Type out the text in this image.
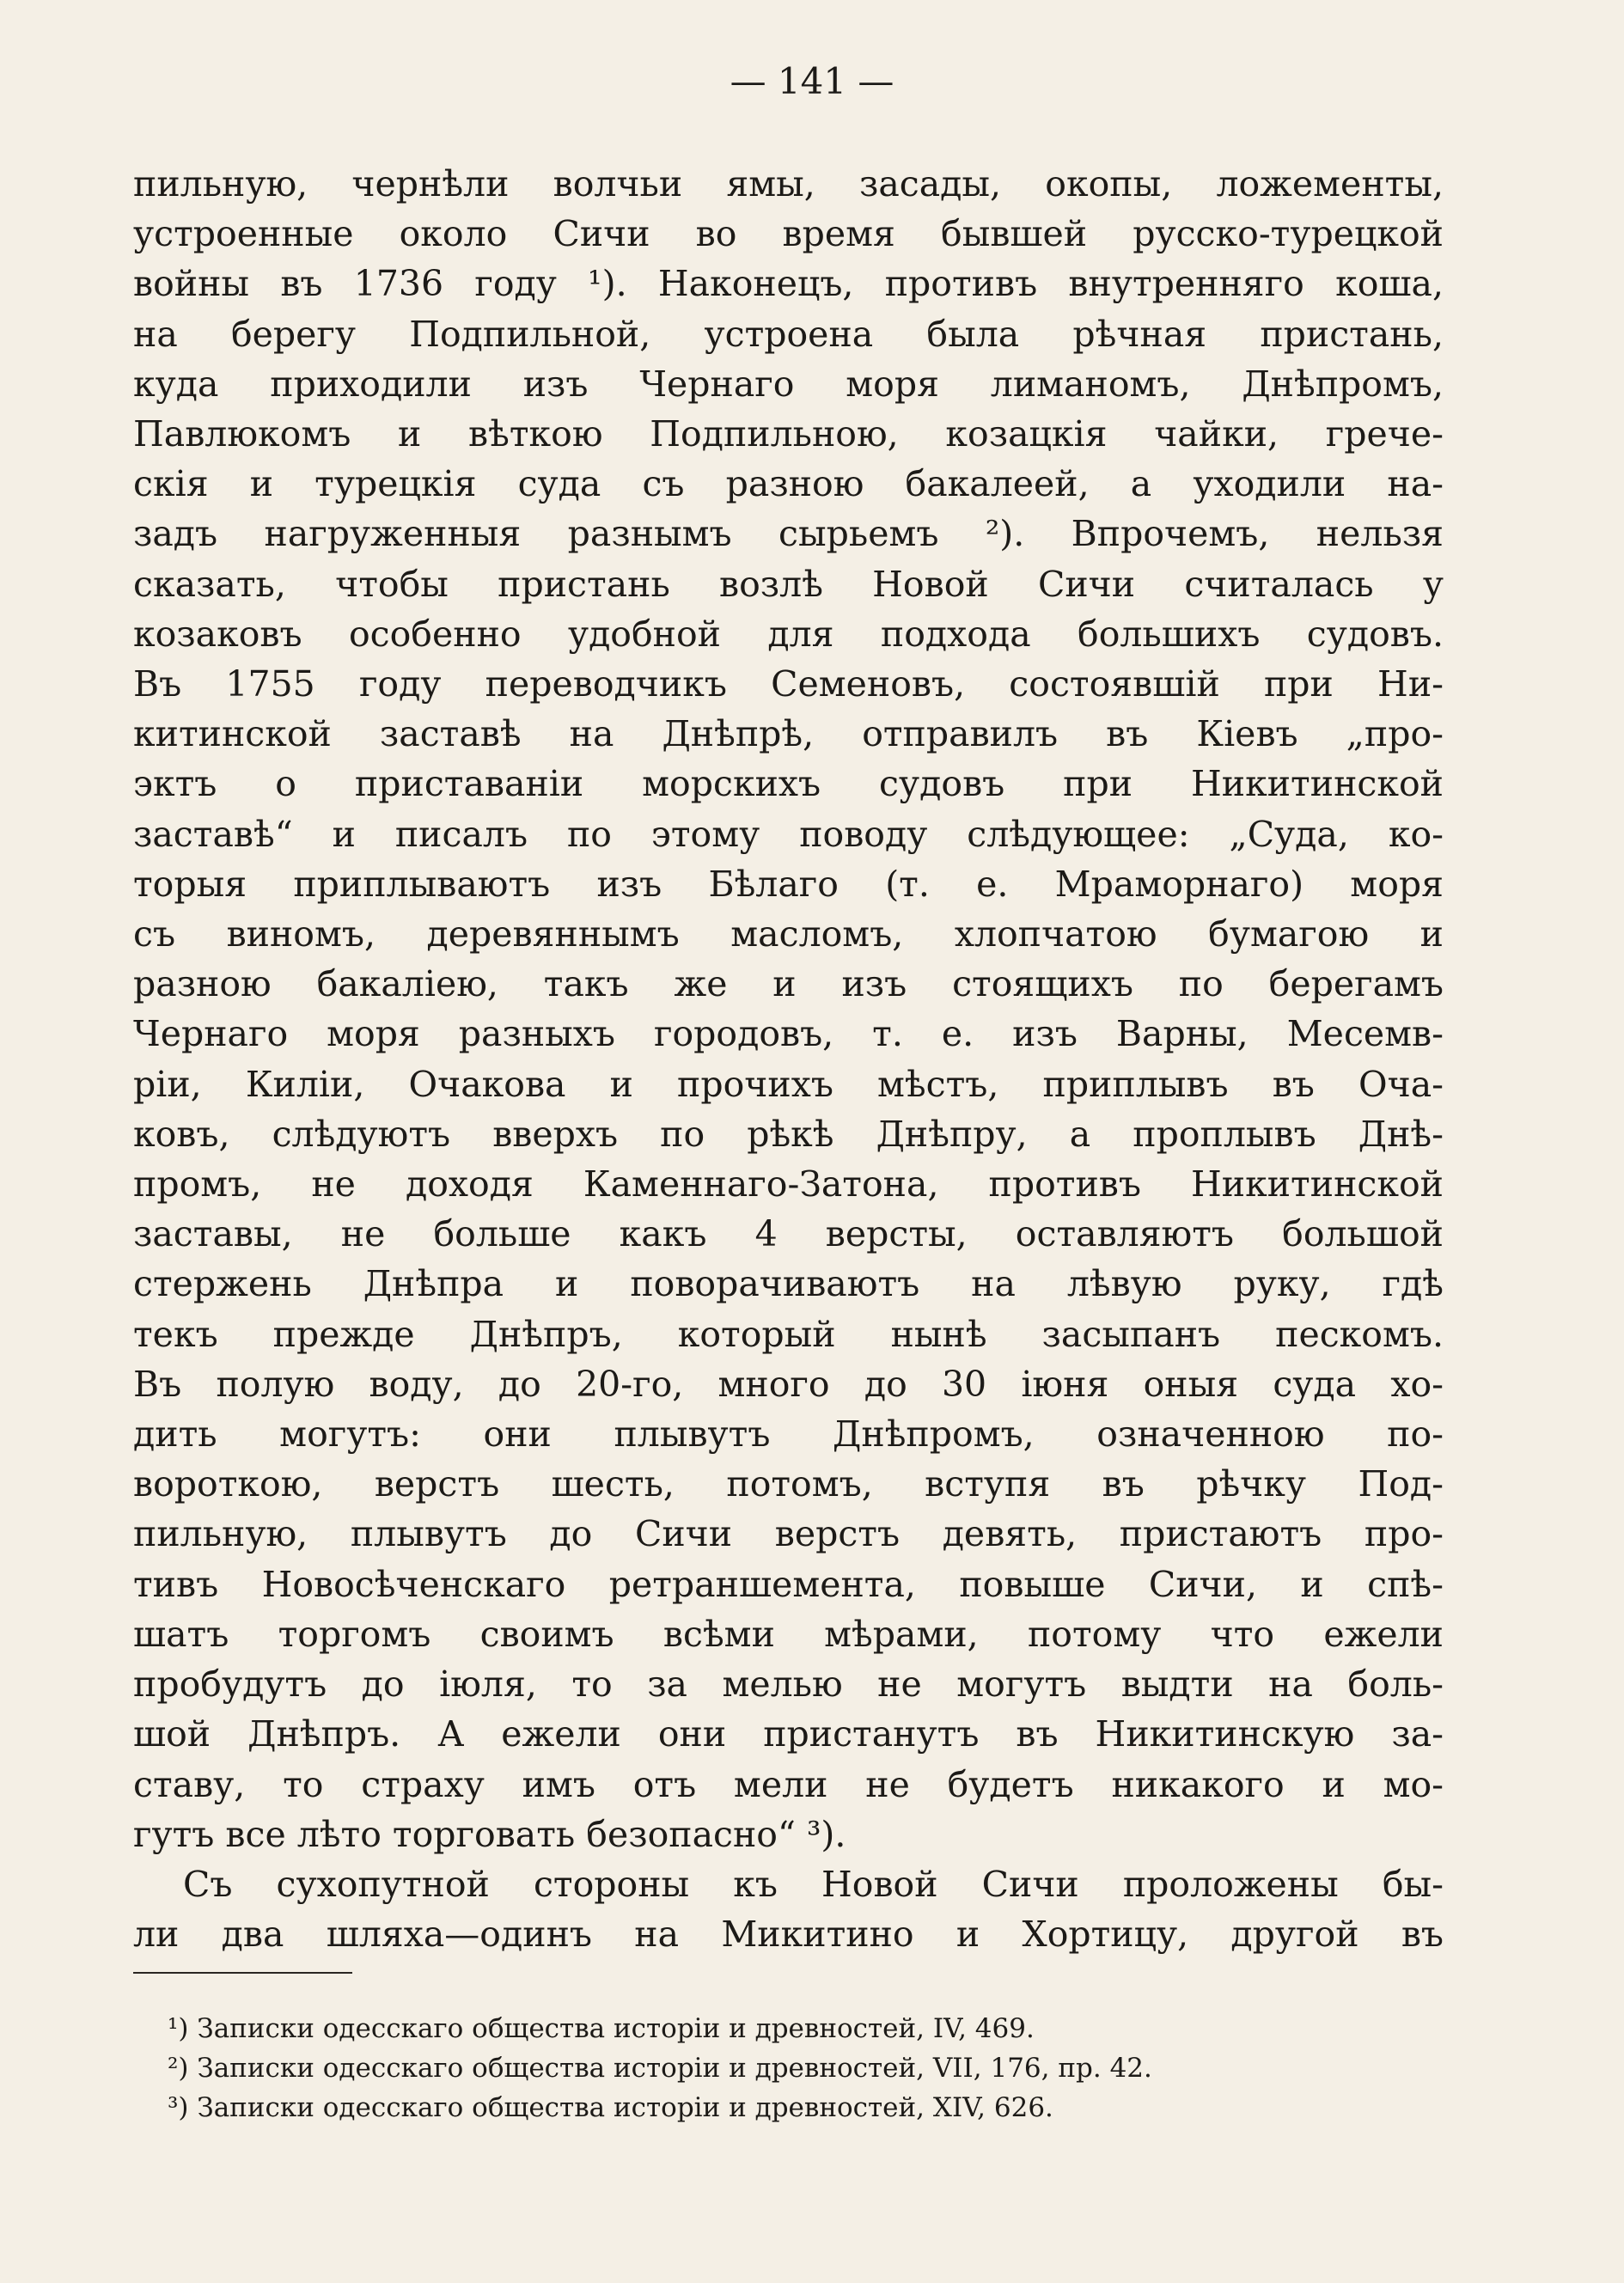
— 141 —
пильную, чернѣли волчьи ямы, засады, окопы, ложементы,
устроенные около Сичи во время бывшей русско-турецкой
войны въ 1736 году ¹). Наконецъ, противъ внутренняго коша,
на берегу Подпильной, устроена была рѣчная пристань,
куда приходили изъ Чернаго моря лиманомъ, Днѣпромъ,
Павлюкомъ и вѣткою Подпильною, козацкія чайки, грече-
скія и турецкія суда съ разною бакалеей, а уходили на-
задъ нагруженныя разнымъ сырьемъ ²). Впрочемъ, нельзя
сказать, чтобы пристань возлѣ Новой Сичи считалась у
козаковъ особенно удобной для подхода большихъ судовъ.
Въ 1755 году переводчикъ Семеновъ, состоявшій при Ни-
китинской заставѣ на Днѣпрѣ, отправилъ въ Кіевъ „про-
эктъ о приставаніи морскихъ судовъ при Никитинской
заставѣ“ и писалъ по этому поводу слѣдующее: „Суда, ко-
торыя приплываютъ изъ Бѣлаго (т. е. Мраморнаго) моря
съ виномъ, деревяннымъ масломъ, хлопчатою бумагою и
разною бакаліею, такъ же и изъ стоящихъ по берегамъ
Чернаго моря разныхъ городовъ, т. е. изъ Варны, Месемв-
ріи, Киліи, Очакова и прочихъ мѣстъ, приплывъ въ Оча-
ковъ, слѣдуютъ вверхъ по рѣкѣ Днѣпру, а проплывъ Днѣ-
промъ, не доходя Каменнаго-Затона, противъ Никитинской
заставы, не больше какъ 4 версты, оставляютъ большой
стержень Днѣпра и поворачиваютъ на лѣвую руку, гдѣ
текъ прежде Днѣпръ, который нынѣ засыпанъ пескомъ.
Въ полую воду, до 20-го, много до 30 іюня оныя суда хо-
дить могутъ: они плывутъ Днѣпромъ, означенною по-
вороткою, верстъ шесть, потомъ, вступя въ рѣчку Под-
пильную, плывутъ до Сичи верстъ девять, пристаютъ про-
тивъ Новосѣченскаго ретраншемента, повыше Сичи, и спѣ-
шатъ торгомъ своимъ всѣми мѣрами, потому что ежели
пробудутъ до іюля, то за мелью не могутъ выдти на боль-
шой Днѣпръ. А ежели они пристанутъ въ Никитинскую за-
ставу, то страху имъ отъ мели не будетъ никакого и мо-
гутъ все лѣто торговать безопасно“ ³).
Съ сухопутной стороны къ Новой Сичи проложены бы-
ли два шляха—одинъ на Микитино и Хортицу, другой въ
¹) Записки одесскаго общества исторіи и древностей, IV, 469.
²) Записки одесскаго общества исторіи и древностей, VII, 176, пр. 42.
³) Записки одесскаго общества исторіи и древностей, XIV, 626.
